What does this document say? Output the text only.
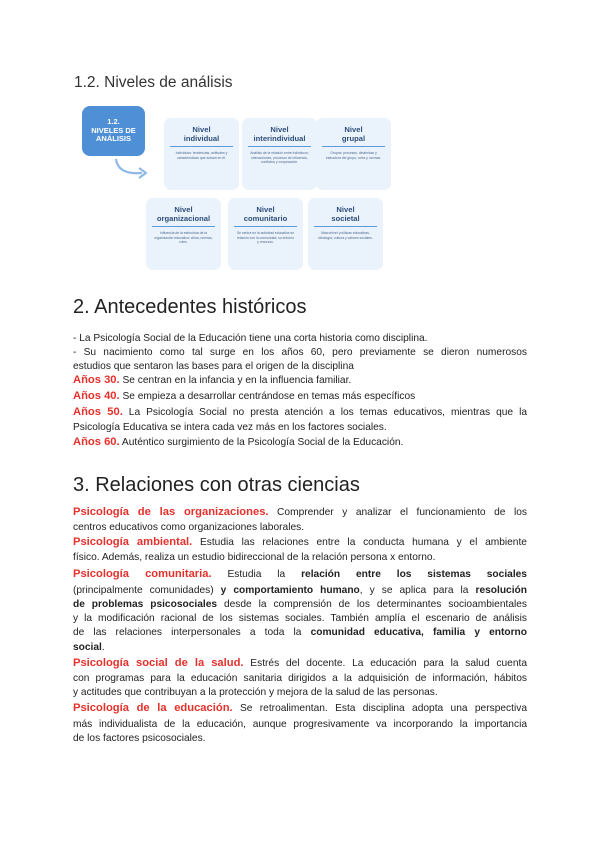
1.2. Niveles de análisis
1.2.
NIVELES DE
ANÁLISIS
Nivel
individual
Individuos: tendencias, actitudes y características que actúan en él.
Nivel
interindividual
Análisis de la relación entre individuos: interacciones, procesos de influencia, conflictos y cooperación.
Nivel
grupal
Grupos: procesos, dinámicas y estructura del grupo, roles y normas.
Nivel
organizacional
Influencia de la estructura de la organización educativa: clima, normas, roles.
Nivel
comunitario
Se centra en la actividad educativa en relación con la comunidad, su entorno y recursos.
Nivel
societal
Macronivel: políticas educativas, ideología, cultura y valores sociales.
2. Antecedentes históricos
- La Psicología Social de la Educación tiene una corta historia como disciplina.
- Su nacimiento como tal surge en los años 60, pero previamente se dieron numerosos
estudios que sentaron las bases para el origen de la disciplina
Años 30. Se centran en la infancia y en la influencia familiar.
Años 40. Se empieza a desarrollar centrándose en temas más específicos
Años 50. La Psicología Social no presta atención a los temas educativos, mientras que la
Psicología Educativa se intera cada vez más en los factores sociales.
Años 60. Auténtico surgimiento de la Psicología Social de la Educación.
3. Relaciones con otras ciencias
Psicología de las organizaciones. Comprender y analizar el funcionamiento de los
centros educativos como organizaciones laborales.
Psicología ambiental. Estudia las relaciones entre la conducta humana y el ambiente
físico. Además, realiza un estudio bidireccional de la relación persona x entorno.
Psicología comunitaria. Estudia la relación entre los sistemas sociales
(principalmente comunidades) y comportamiento humano, y se aplica para la resolución
de problemas psicosociales desde la comprensión de los determinantes socioambientales
y la modificación racional de los sistemas sociales. También amplía el escenario de análisis
de las relaciones interpersonales a toda la comunidad educativa, familia y entorno
social.
Psicología social de la salud. Estrés del docente. La educación para la salud cuenta
con programas para la educación sanitaria dirigidos a la adquisición de información, hábitos
y actitudes que contribuyan a la protección y mejora de la salud de las personas.
Psicología de la educación. Se retroalimentan. Esta disciplina adopta una perspectiva
más individualista de la educación, aunque progresivamente va incorporando la importancia
de los factores psicosociales.
